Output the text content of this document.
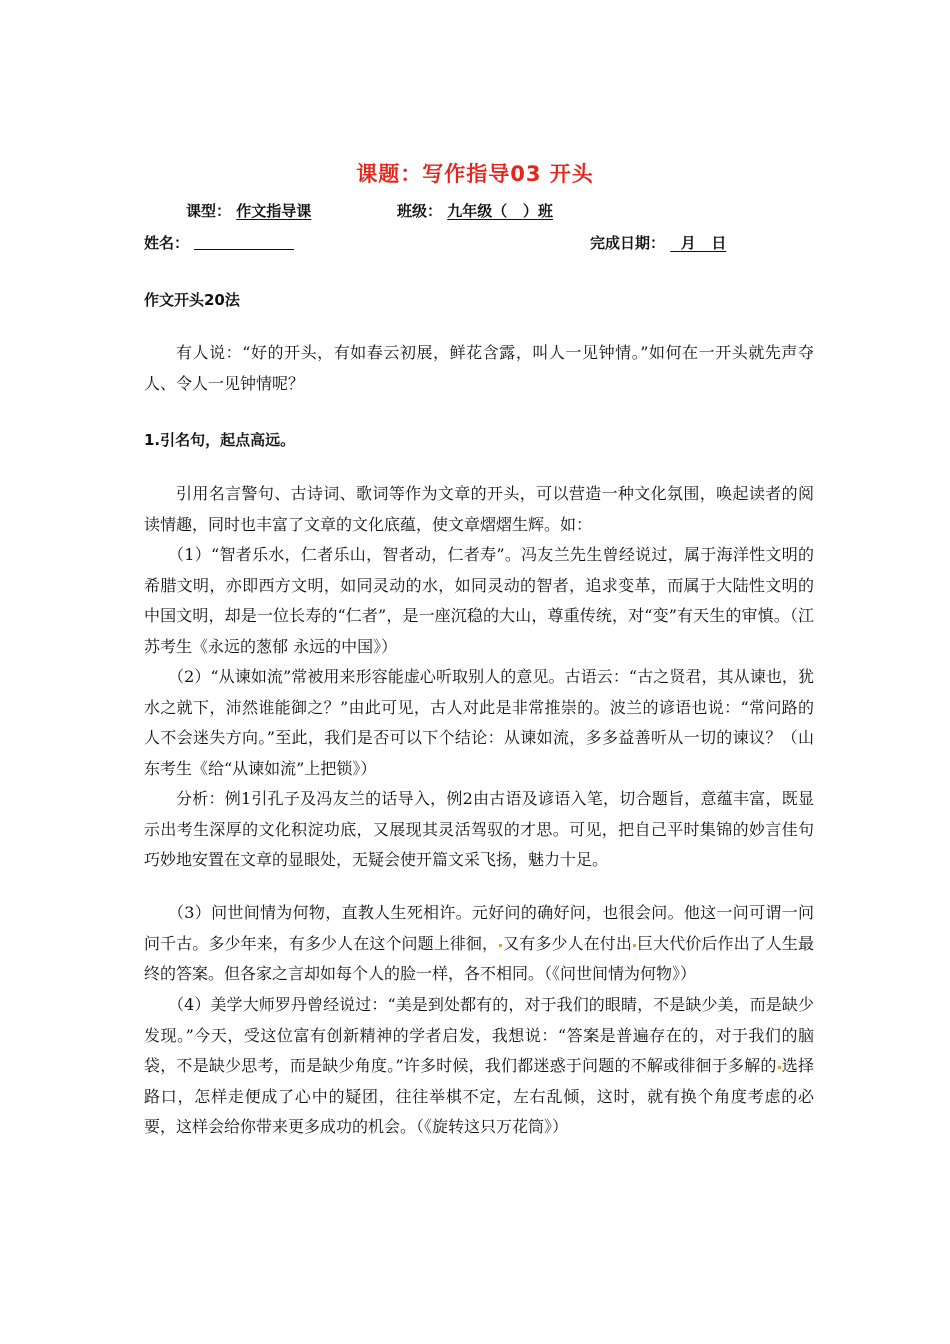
课题：写作指导03 开头
课型： 作文指导课	班级： 九年级（   ）班
姓名：	完成日期：   月   日
作文开头20法

有人说：“好的开头，有如春云初展，鲜花含露，叫人一见钟情。”如何在一开头就先声夺人、令人一见钟情呢？

1.引名句，起点高远。

引用名言警句、古诗词、歌词等作为文章的开头，可以营造一种文化氛围，唤起读者的阅读情趣，同时也丰富了文章的文化底蕴，使文章熠熠生辉。如：

（1）“智者乐水，仁者乐山，智者动，仁者寿”。冯友兰先生曾经说过，属于海洋性文明的希腊文明，亦即西方文明，如同灵动的水，如同灵动的智者，追求变革，而属于大陆性文明的中国文明，却是一位长寿的“仁者”，是一座沉稳的大山，尊重传统，对“变”有天生的审慎。（江苏考生《永远的葱郁 永远的中国》）

（2）“从谏如流”常被用来形容能虚心听取别人的意见。古语云：“古之贤君，其从谏也，犹水之就下，沛然谁能御之？”由此可见，古人对此是非常推崇的。波兰的谚语也说：“常问路的人不会迷失方向。”至此，我们是否可以下个结论：从谏如流，多多益善听从一切的谏议？（山东考生《给“从谏如流”上把锁》）

分析：例1引孔子及冯友兰的话导入，例2由古语及谚语入笔，切合题旨，意蕴丰富，既显示出考生深厚的文化积淀功底，又展现其灵活驾驭的才思。可见，把自己平时集锦的妙言佳句巧妙地安置在文章的显眼处，无疑会使开篇文采飞扬，魅力十足。

（3）问世间情为何物，直教人生死相许。元好问的确好问，也很会问。他这一问可谓一问问千古。多少年来，有多少人在这个问题上徘徊， 又有多少人在付出 巨大代价后作出了人生最终的答案。但各家之言却如每个人的脸一样，各不相同。（《问世间情为何物》）

（4）美学大师罗丹曾经说过：“美是到处都有的，对于我们的眼睛，不是缺少美，而是缺少发现。”今天，受这位富有创新精神的学者启发，我想说：“答案是普遍存在的，对于我们的脑袋，不是缺少思考，而是缺少角度。”许多时候，我们都迷惑于问题的不解或徘徊于多解的 选择路口，怎样走便成了心中的疑团，往往举棋不定，左右乱倾，这时，就有换个角度考虑的必要，这样会给你带来更多成功的机会。（《旋转这只万花筒》）
